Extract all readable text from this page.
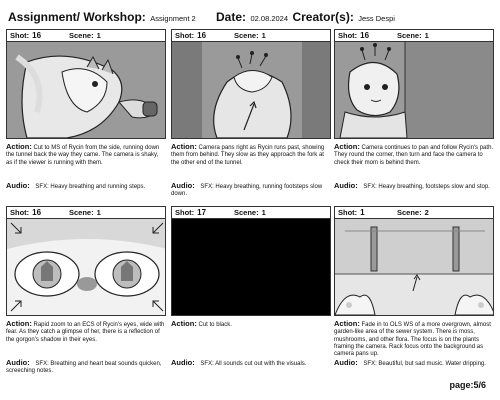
Assignment/ Workshop: Assignment 2 Date: 02.08.2024 Creator(s): Jess Despi
Shot: 16	Scene: 1
Action: Cut to MS of Rycin from the side, running down the tunnel back the way they came. The camera is shaky, as if the viewer is running with them.
Audio: SFX: Heavy breathing and running steps.
Shot: 16	Scene: 1
Action: Camera pans right as Rycin runs past, showing them from behind. They slow as they approach the fork at the other end of the tunnel.
Audio: SFX: Heavy breathing, running footsteps slow down.
Shot: 16	Scene: 1
Action: Camera continues to pan and follow Rycin's path. They round the corner, then turn and face the camera to check their mom is behind them.
Audio: SFX: Heavy breathing, footsteps slow and stop.
Shot: 16	Scene: 1
Action: Rapid zoom to an ECS of Rycin's eyes, wide with fear. As they catch a glimpse of her, there is a reflection of the gorgon's shadow in their eyes.
Audio: SFX: Breathing and heart beat sounds quicken, screeching notes.
Shot: 17	Scene: 1
Action: Cut to black.
Audio: SFX: All sounds cut out with the visuals.
Shot: 1	Scene: 2
Action: Fade in to OLS WS of a more overgrown, almost garden-like area of the sewer system. There is moss, mushrooms, and other flora. The focus is on the plants framing the camera. Rack focus onto the background as camera pans up.
Audio: SFX: Beautiful, but sad music. Water dripping.
page:5/6
